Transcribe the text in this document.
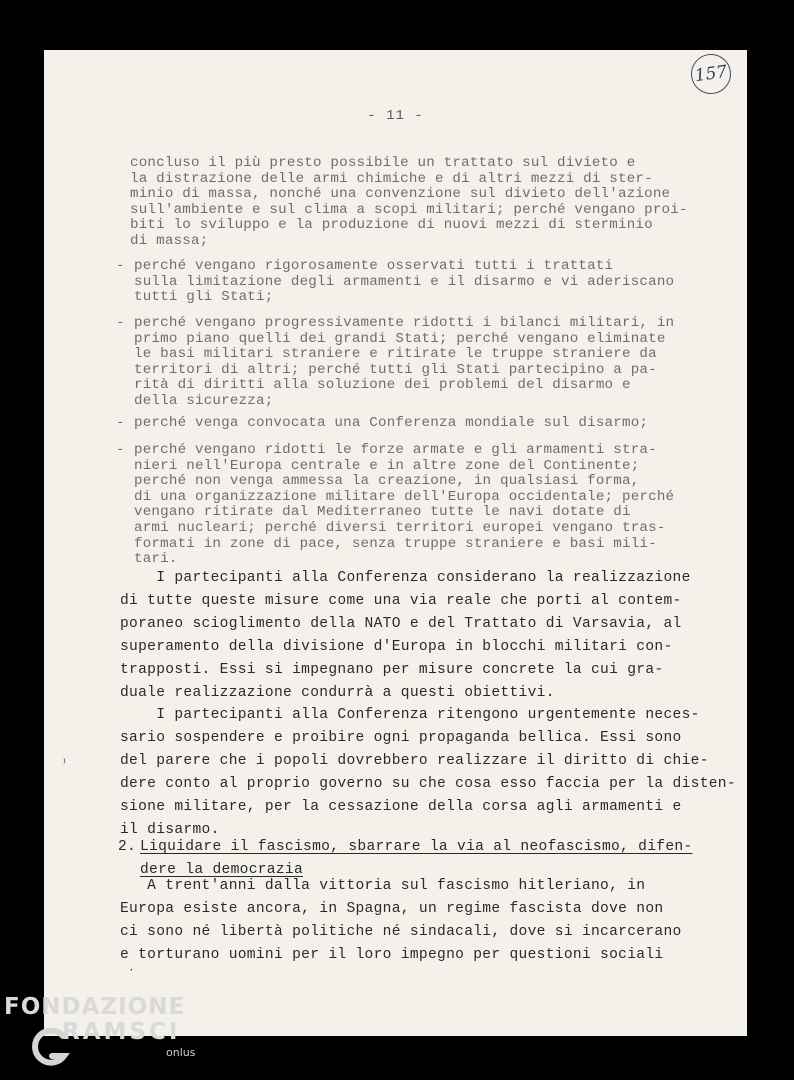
157
- 11 -
concluso il più presto possibile un trattato sul divieto e
la distrazione delle armi chimiche e di altri mezzi di ster-
minio di massa, nonché una convenzione sul divieto dell'azione
sull'ambiente e sul clima a scopi militari; perché vengano proi-
biti lo sviluppo e la produzione di nuovi mezzi di sterminio
di massa;
- perché vengano rigorosamente osservati tutti i trattati
sulla limitazione degli armamenti e il disarmo e vi aderiscano
tutti gli Stati;
- perché vengano progressivamente ridotti i bilanci militari, in
primo piano quelli dei grandi Stati; perché vengano eliminate
le basi militari straniere e ritirate le truppe straniere da
territori di altri; perché tutti gli Stati partecipino a pa-
rità di diritti alla soluzione dei problemi del disarmo e
della sicurezza;
- perché venga convocata una Conferenza mondiale sul disarmo;
- perché vengano ridotti le forze armate e gli armamenti stra-
nieri nell'Europa centrale e in altre zone del Continente;
perché non venga ammessa la creazione, in qualsiasi forma,
di una organizzazione militare dell'Europa occidentale; perché
vengano ritirate dal Mediterraneo tutte le navi dotate di
armi nucleari; perché diversi territori europei vengano tras-
formati in zone di pace, senza truppe straniere e basi mili-
tari.
I partecipanti alla Conferenza considerano la realizzazione
di tutte queste misure come una via reale che porti al contem-
poraneo scioglimento della NATO e del Trattato di Varsavia, al
superamento della divisione d'Europa in blocchi militari con-
trapposti. Essi si impegnano per misure concrete la cui gra-
duale realizzazione condurrà a questi obiettivi.
I partecipanti alla Conferenza ritengono urgentemente neces-
sario sospendere e proibire ogni propaganda bellica. Essi sono
del parere che i popoli dovrebbero realizzare il diritto di chie-
dere conto al proprio governo su che cosa esso faccia per la disten-
sione militare, per la cessazione della corsa agli armamenti e
il disarmo.
2. Liquidare il fascismo, sbarrare la via al neofascismo, difen-
dere la democrazia
A trent'anni dalla vittoria sul fascismo hitleriano, in
Europa esiste ancora, in Spagna, un regime fascista dove non
ci sono né libertà politiche né sindacali, dove si incarcerano
e torturano uomini per il loro impegno per questioni sociali
⁾
·
FONDAZIONE
RAMSCI
onlus
